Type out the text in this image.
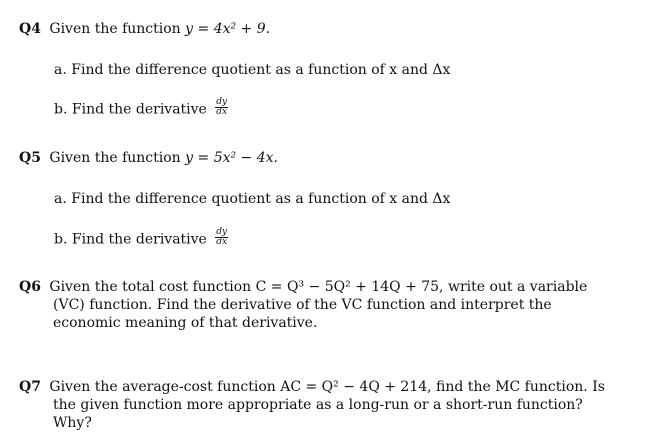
Q4 Given the function y = 4x² + 9.
a. Find the difference quotient as a function of x and Δx
b. Find the derivative $\frac{dy}{dx}$
Q5 Given the function y = 5x² − 4x.
a. Find the difference quotient as a function of x and Δx
b. Find the derivative $\frac{dy}{dx}$
Q6 Given the total cost function C = Q³ − 5Q² + 14Q + 75, write out a variable (VC) function. Find the derivative of the VC function and interpret the economic meaning of that derivative.
Q7 Given the average-cost function AC = Q² − 4Q + 214, find the MC function. Is the given function more appropriate as a long-run or a short-run function? Why?
